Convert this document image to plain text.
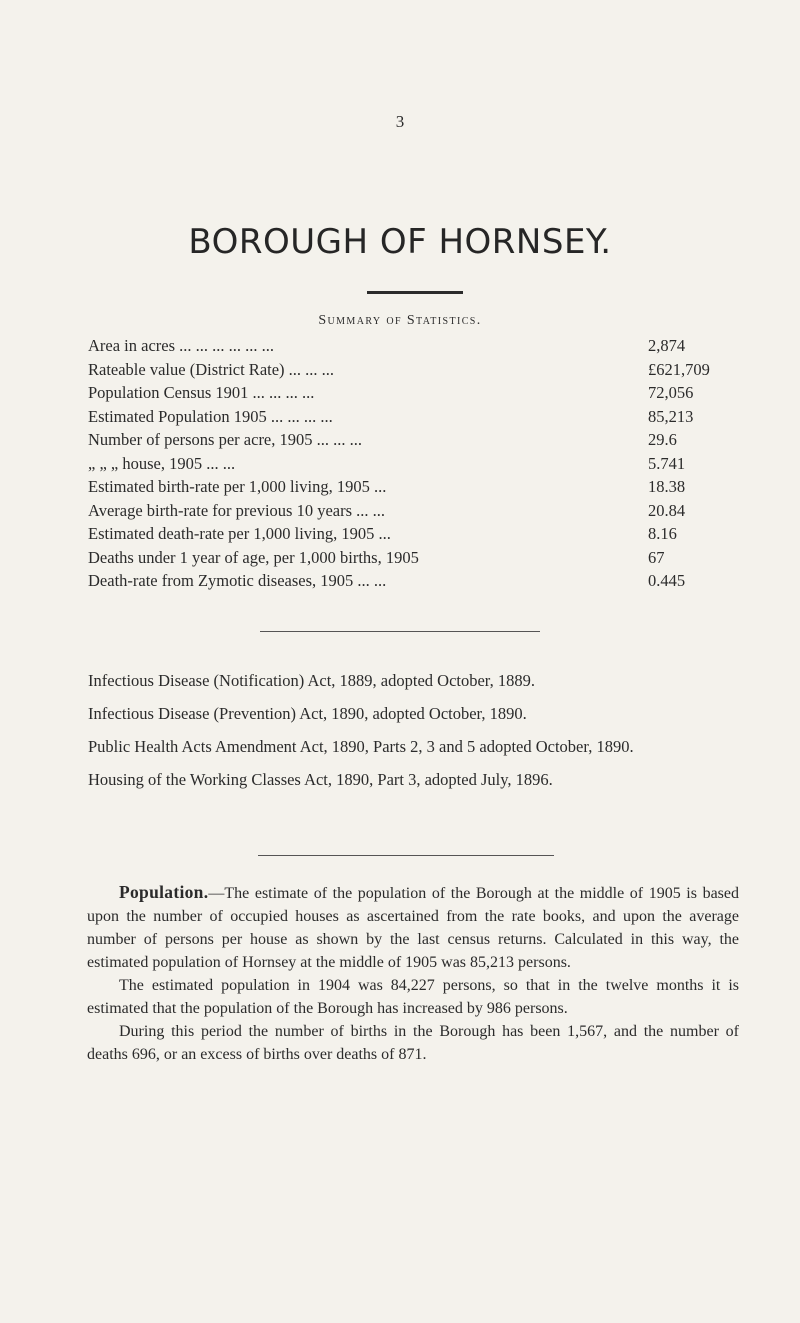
3
BOROUGH OF HORNSEY.
Summary of Statistics.
Area in acres ... ... ... ... ... ...	2,874
Rateable value (District Rate) ... ... ...	£621,709
Population Census 1901 ... ... ... ...	72,056
Estimated Population 1905 ... ... ... ...	85,213
Number of persons per acre, 1905 ... ... ...	29.6
„ „ „ house, 1905 ... ...	5.741
Estimated birth-rate per 1,000 living, 1905 ...	18.38
Average birth-rate for previous 10 years ... ...	20.84
Estimated death-rate per 1,000 living, 1905 ...	8.16
Deaths under 1 year of age, per 1,000 births, 1905	67
Death-rate from Zymotic diseases, 1905 ... ...	0.445

Infectious Disease (Notification) Act, 1889, adopted October, 1889.

Infectious Disease (Prevention) Act, 1890, adopted October, 1890.

Public Health Acts Amendment Act, 1890, Parts 2, 3 and 5 adopted October, 1890.

Housing of the Working Classes Act, 1890, Part 3, adopted July, 1896.

Population.—The estimate of the population of the Borough at the middle of 1905 is based upon the number of occupied houses as ascertained from the rate books, and upon the average number of persons per house as shown by the last census returns. Calculated in this way, the estimated population of Hornsey at the middle of 1905 was 85,213 persons.

The estimated population in 1904 was 84,227 persons, so that in the twelve months it is estimated that the population of the Borough has increased by 986 persons.

During this period the number of births in the Borough has been 1,567, and the number of deaths 696, or an excess of births over deaths of 871.
